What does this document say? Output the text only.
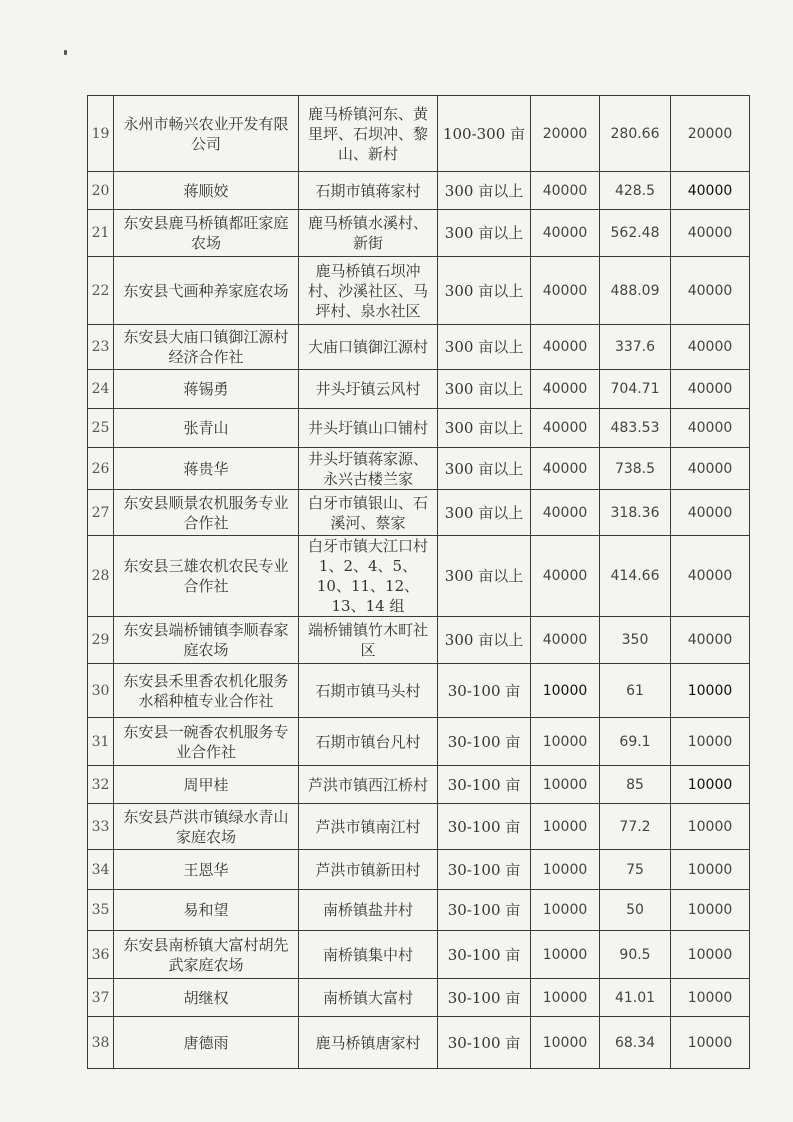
19	永州市畅兴农业开发有限公司	鹿马桥镇河东、黄里坪、石坝冲、黎山、新村	100-300 亩	20000	280.66	20000
20	蒋顺姣	石期市镇蒋家村	300 亩以上	40000	428.5	40000
21	东安县鹿马桥镇都旺家庭农场	鹿马桥镇水溪村、新街	300 亩以上	40000	562.48	40000
22	东安县弋画种养家庭农场	鹿马桥镇石坝冲村、沙溪社区、马坪村、泉水社区	300 亩以上	40000	488.09	40000
23	东安县大庙口镇御江源村经济合作社	大庙口镇御江源村	300 亩以上	40000	337.6	40000
24	蒋锡勇	井头圩镇云风村	300 亩以上	40000	704.71	40000
25	张青山	井头圩镇山口铺村	300 亩以上	40000	483.53	40000
26	蒋贵华	井头圩镇蒋家源、永兴古楼兰家	300 亩以上	40000	738.5	40000
27	东安县顺景农机服务专业合作社	白牙市镇银山、石溪河、蔡家	300 亩以上	40000	318.36	40000
28	东安县三雄农机农民专业合作社	白牙市镇大江口村1、2、4、5、10、11、12、13、14 组	300 亩以上	40000	414.66	40000
29	东安县端桥铺镇李顺春家庭农场	端桥铺镇竹木町社区	300 亩以上	40000	350	40000
30	东安县禾里香农机化服务水稻种植专业合作社	石期市镇马头村	30-100 亩	10000	61	10000
31	东安县一碗香农机服务专业合作社	石期市镇台凡村	30-100 亩	10000	69.1	10000
32	周甲桂	芦洪市镇西江桥村	30-100 亩	10000	85	10000
33	东安县芦洪市镇绿水青山家庭农场	芦洪市镇南江村	30-100 亩	10000	77.2	10000
34	王恩华	芦洪市镇新田村	30-100 亩	10000	75	10000
35	易和望	南桥镇盐井村	30-100 亩	10000	50	10000
36	东安县南桥镇大富村胡先武家庭农场	南桥镇集中村	30-100 亩	10000	90.5	10000
37	胡继权	南桥镇大富村	30-100 亩	10000	41.01	10000
38	唐德雨	鹿马桥镇唐家村	30-100 亩	10000	68.34	10000
